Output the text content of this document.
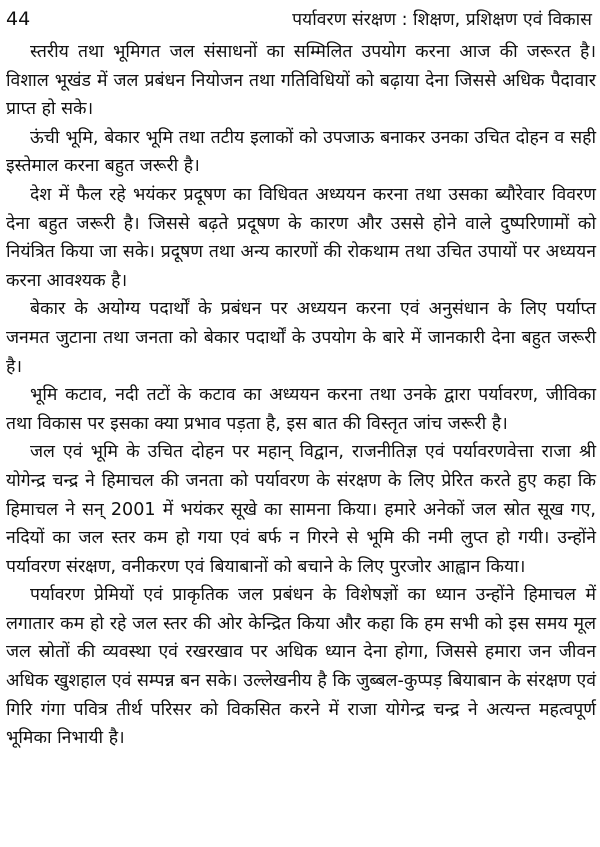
44	पर्यावरण संरक्षण : शिक्षण, प्रशिक्षण एवं विकास

स्तरीय तथा भूमिगत जल संसाधनों का सम्मिलित उपयोग करना आज की जरूरत है। विशाल भूखंड में जल प्रबंधन नियोजन तथा गतिविधियों को बढ़ाया देना जिससे अधिक पैदावार प्राप्त हो सके।

ऊंची भूमि, बेकार भूमि तथा तटीय इलाकों को उपजाऊ बनाकर उनका उचित दोहन व सही इस्तेमाल करना बहुत जरूरी है।

देश में फैल रहे भयंकर प्रदूषण का विधिवत अध्ययन करना तथा उसका ब्यौरेवार विवरण देना बहुत जरूरी है। जिससे बढ़ते प्रदूषण के कारण और उससे होने वाले दुष्परिणामों को नियंत्रित किया जा सके। प्रदूषण तथा अन्य कारणों की रोकथाम तथा उचित उपायों पर अध्ययन करना आवश्यक है।

बेकार के अयोग्य पदार्थों के प्रबंधन पर अध्ययन करना एवं अनुसंधान के लिए पर्याप्त जनमत जुटाना तथा जनता को बेकार पदार्थों के उपयोग के बारे में जानकारी देना बहुत जरूरी है।

भूमि कटाव, नदी तटों के कटाव का अध्ययन करना तथा उनके द्वारा पर्यावरण, जीविका तथा विकास पर इसका क्या प्रभाव पड़ता है, इस बात की विस्तृत जांच जरूरी है।

जल एवं भूमि के उचित दोहन पर महान् विद्वान, राजनीतिज्ञ एवं पर्यावरणवेत्ता राजा श्री योगेन्द्र चन्द्र ने हिमाचल की जनता को पर्यावरण के संरक्षण के लिए प्रेरित करते हुए कहा कि हिमाचल ने सन् 2001 में भयंकर सूखे का सामना किया। हमारे अनेकों जल स्रोत सूख गए, नदियों का जल स्तर कम हो गया एवं बर्फ न गिरने से भूमि की नमी लुप्त हो गयी। उन्होंने पर्यावरण संरक्षण, वनीकरण एवं बियाबानों को बचाने के लिए पुरजोर आह्वान किया।

पर्यावरण प्रेमियों एवं प्राकृतिक जल प्रबंधन के विशेषज्ञों का ध्यान उन्होंने हिमाचल में लगातार कम हो रहे जल स्तर की ओर केन्द्रित किया और कहा कि हम सभी को इस समय मूल जल स्रोतों की व्यवस्था एवं रखरखाव पर अधिक ध्यान देना होगा, जिससे हमारा जन जीवन अधिक खुशहाल एवं सम्पन्न बन सके। उल्लेखनीय है कि जुब्बल-कुप्पड़ बियाबान के संरक्षण एवं गिरि गंगा पवित्र तीर्थ परिसर को विकसित करने में राजा योगेन्द्र चन्द्र ने अत्यन्त महत्वपूर्ण भूमिका निभायी है।
